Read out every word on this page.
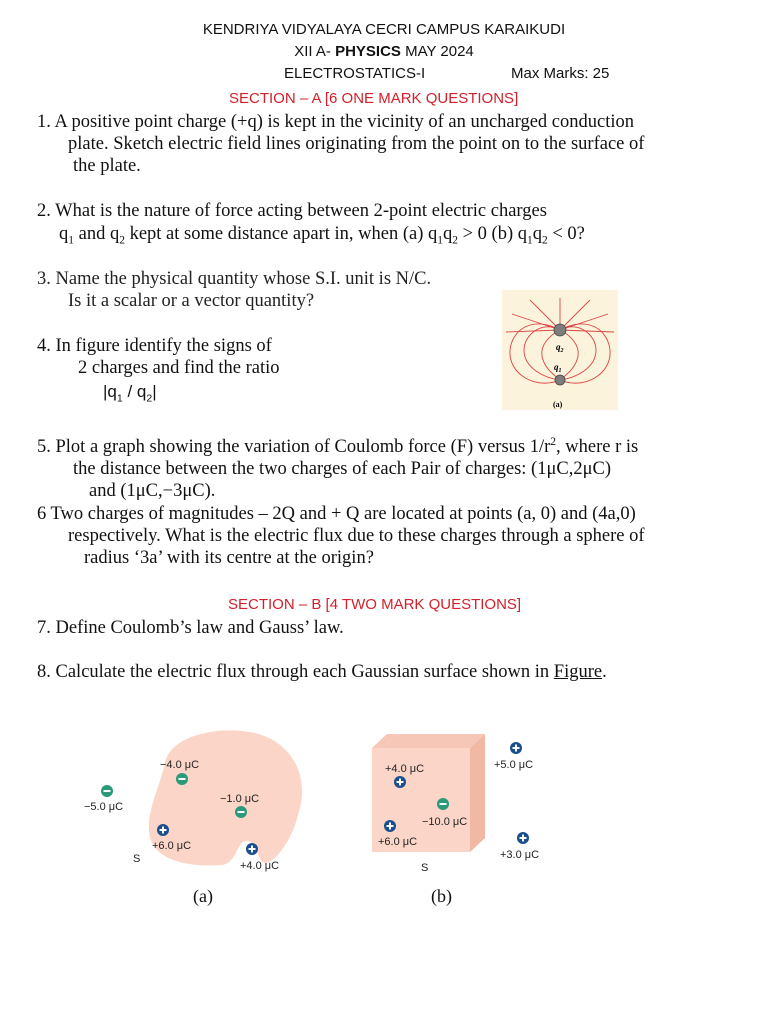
KENDRIYA VIDYALAYA CECRI CAMPUS KARAIKUDI
XII A- PHYSICS MAY 2024
ELECTROSTATICS-I	Max Marks: 25
SECTION – A [6 ONE MARK QUESTIONS]
1. A positive point charge (+q) is kept in the vicinity of an uncharged conduction
plate. Sketch electric field lines originating from the point on to the surface of
the plate.
2. What is the nature of force acting between 2-point electric charges
$q_1$ and $q_2$ kept at some distance apart in, when (a) $q_1q_2 > 0$ (b) $q_1q_2 < 0$?
3. Name the physical quantity whose S.I. unit is N/C.
Is it a scalar or a vector quantity?
4. In figure identify the signs of
2 charges and find the ratio
$|q_1 / q_2|$
$q_2$
$q_1$
(a)
5. Plot a graph showing the variation of Coulomb force (F) versus $1/r^2$, where r is
the distance between the two charges of each Pair of charges: (1μC,2μC)
and (1μC,−3μC).
6 Two charges of magnitudes – 2Q and + Q are located at points (a, 0) and (4a,0)
respectively. What is the electric flux due to these charges through a sphere of
radius ‘3a’ with its centre at the origin?
SECTION – B [4 TWO MARK QUESTIONS]
7. Define Coulomb’s law and Gauss’ law.
8. Calculate the electric flux through each Gaussian surface shown in Figure.
−4.0 μC
−1.0 μC
−5.0 μC
+6.0 μC
+4.0 μC
S
(a)
+4.0 μC	+5.0 μC
−10.0 μC
+6.0 μC
+3.0 μC
S
(b)
